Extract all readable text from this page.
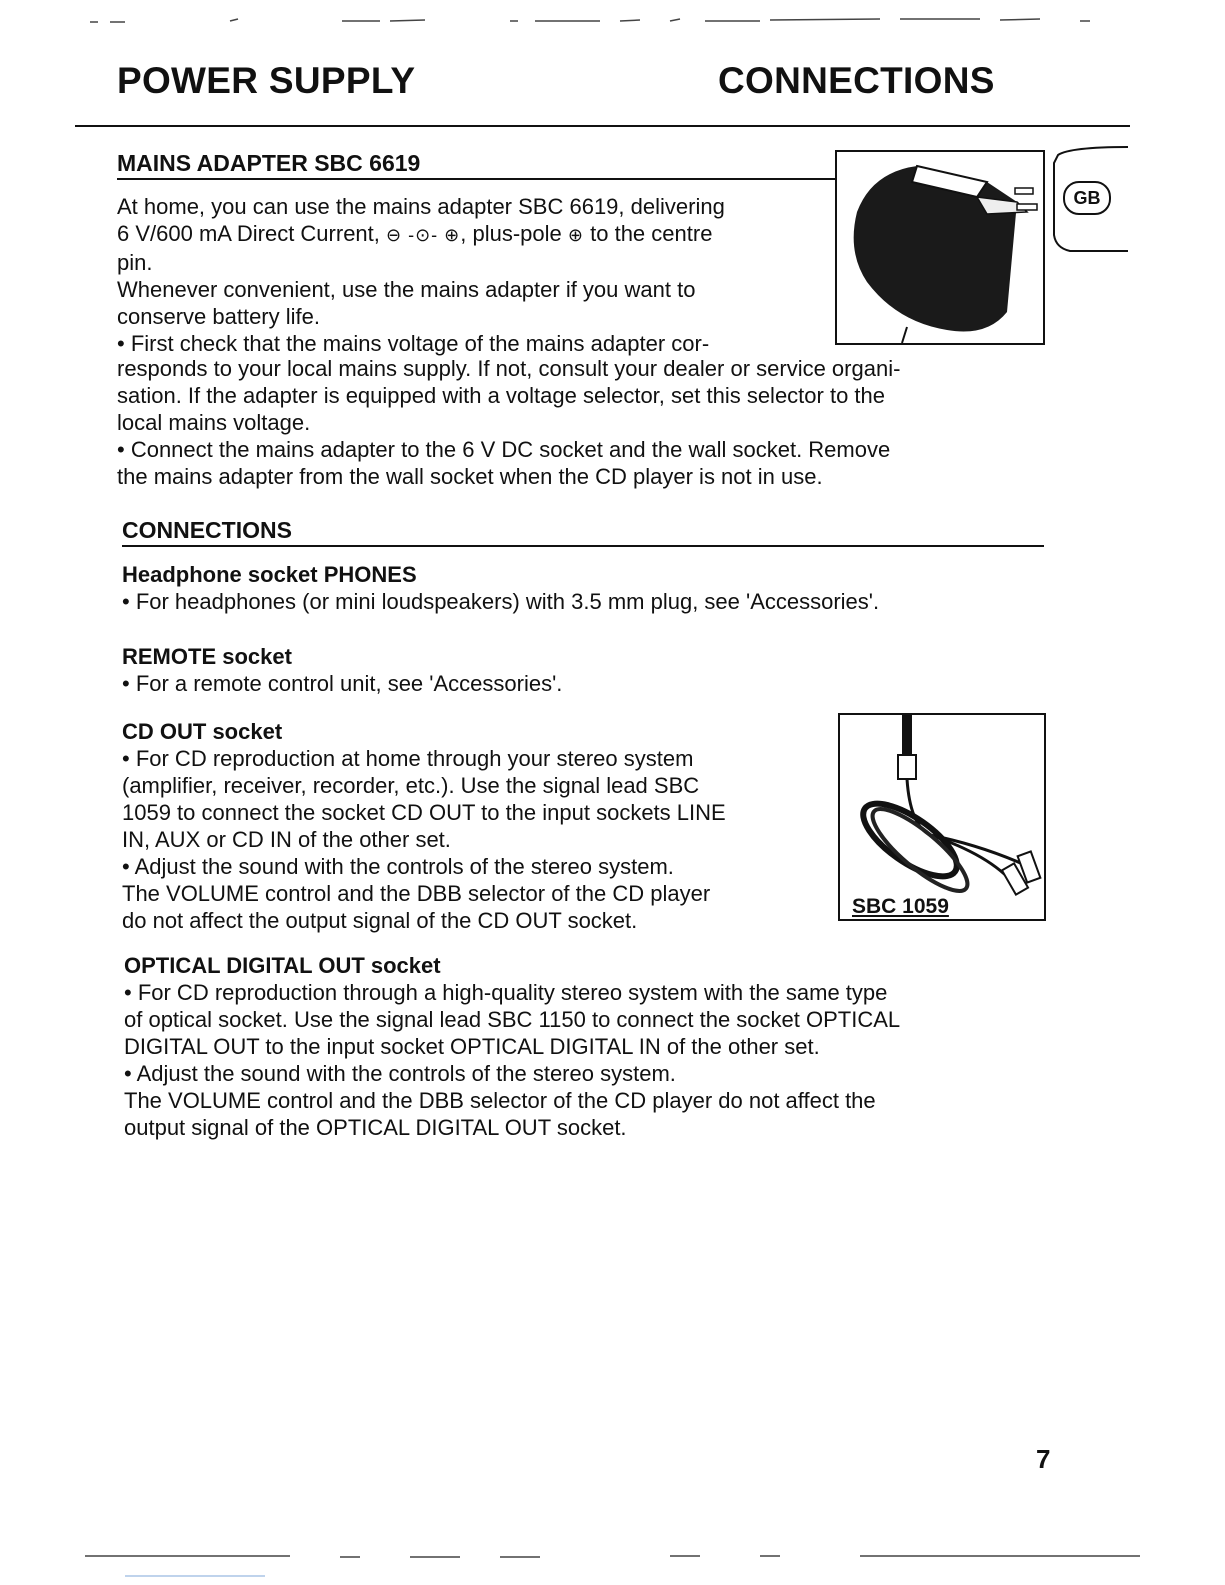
POWER SUPPLY	CONNECTIONS
GB
MAINS ADAPTER SBC 6619

At home, you can use the mains adapter SBC 6619, delivering

6 V/600 mA Direct Current, ⊖ -⊙- ⊕, plus-pole ⊕ to the centre

pin.

Whenever convenient, use the mains adapter if you want to

conserve battery life.

• First check that the mains voltage of the mains adapter cor-

responds to your local mains supply. If not, consult your dealer or service organi-

sation. If the adapter is equipped with a voltage selector, set this selector to the

local mains voltage.

• Connect the mains adapter to the 6 V DC socket and the wall socket. Remove

the mains adapter from the wall socket when the CD player is not in use.

CONNECTIONS

Headphone socket PHONES

• For headphones (or mini loudspeakers) with 3.5 mm plug, see 'Accessories'.

REMOTE socket

• For a remote control unit, see 'Accessories'.

CD OUT socket

• For CD reproduction at home through your stereo system

(amplifier, receiver, recorder, etc.). Use the signal lead SBC

1059 to connect the socket CD OUT to the input sockets LINE

IN, AUX or CD IN of the other set.

• Adjust the sound with the controls of the stereo system.

The VOLUME control and the DBB selector of the CD player

do not affect the output signal of the CD OUT socket.

SBC 1059

OPTICAL DIGITAL OUT socket

• For CD reproduction through a high-quality stereo system with the same type

of optical socket. Use the signal lead SBC 1150 to connect the socket OPTICAL

DIGITAL OUT to the input socket OPTICAL DIGITAL IN of the other set.

• Adjust the sound with the controls of the stereo system.

The VOLUME control and the DBB selector of the CD player do not affect the

output signal of the OPTICAL DIGITAL OUT socket.

7
